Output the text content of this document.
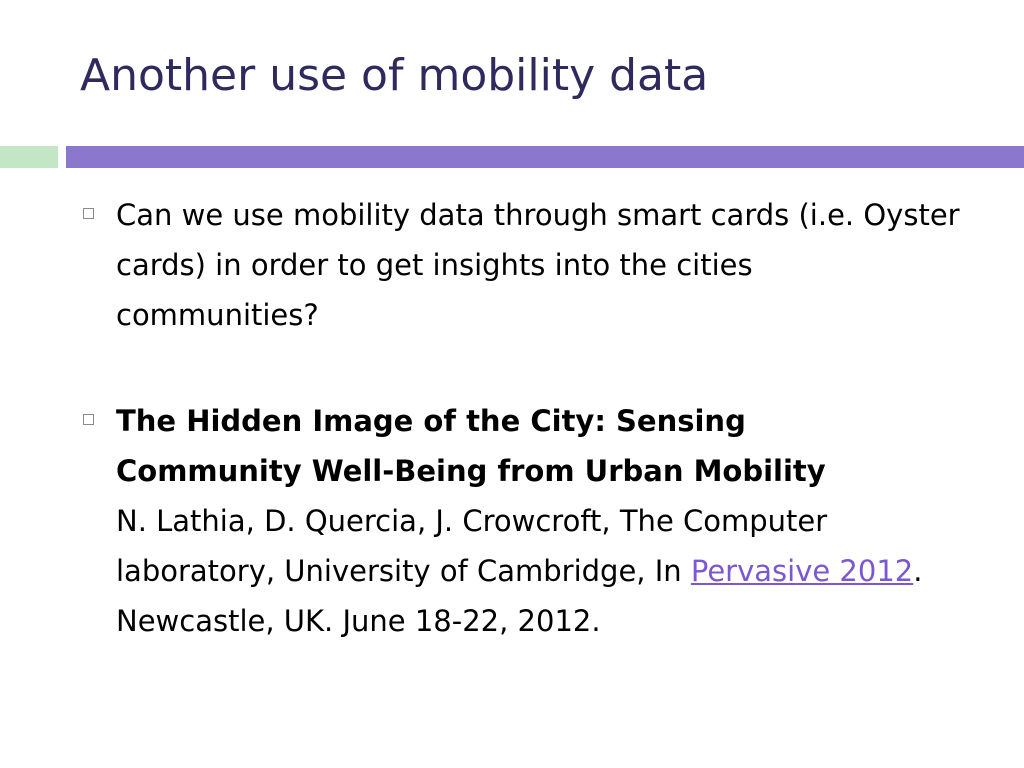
Another use of mobility data
Can we use mobility data through smart cards (i.e. Oyster cards) in order to get insights into the cities communities?
The Hidden Image of the City: Sensing
Community Well-Being from Urban Mobility
N. Lathia, D. Quercia, J. Crowcroft, The Computer laboratory, University of Cambridge, In Pervasive 2012. Newcastle, UK. June 18-22, 2012.
